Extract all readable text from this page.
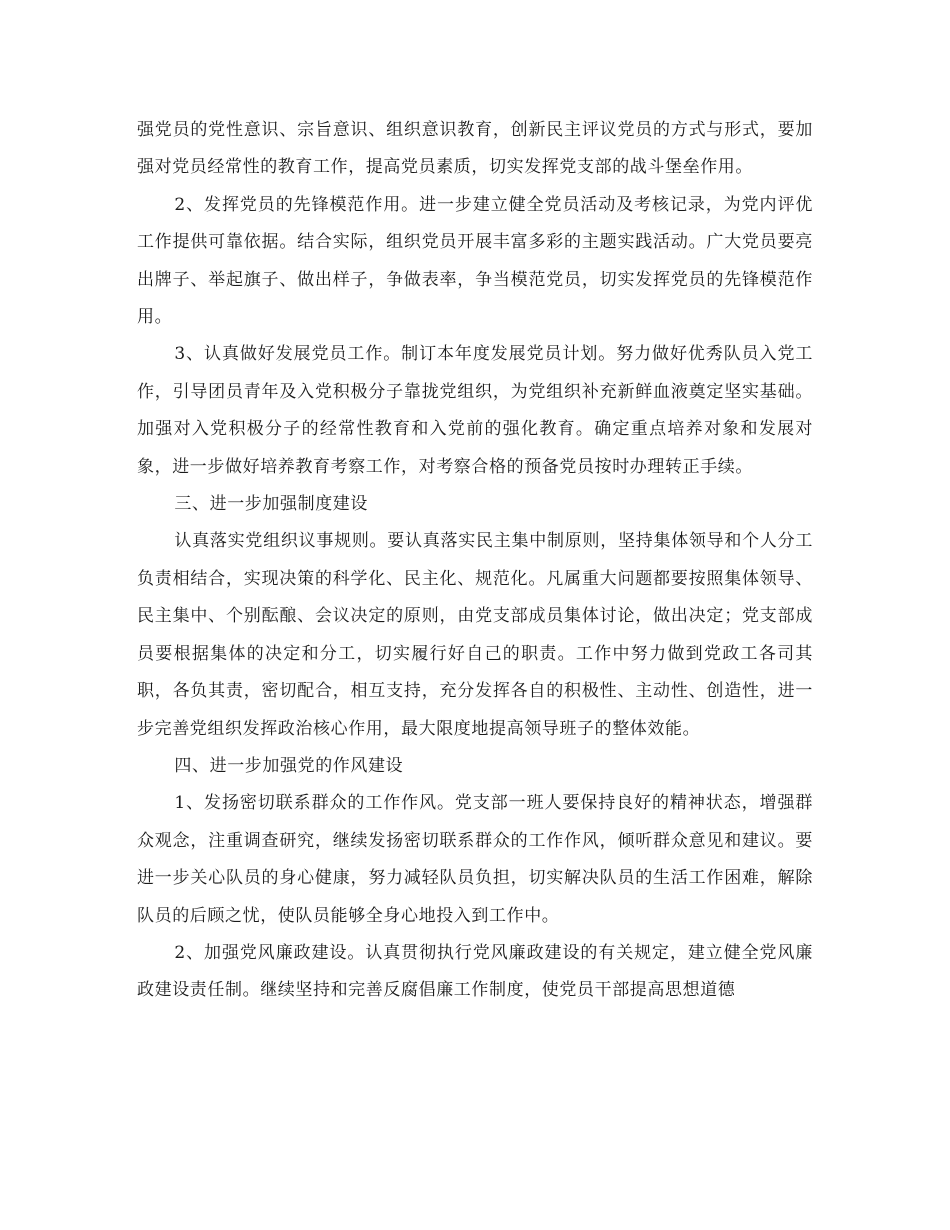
强党员的党性意识、宗旨意识、组织意识教育，创新民主评议党员的方式与形式，要加强对党员经常性的教育工作，提高党员素质，切实发挥党支部的战斗堡垒作用。

2、发挥党员的先锋模范作用。进一步建立健全党员活动及考核记录，为党内评优工作提供可靠依据。结合实际，组织党员开展丰富多彩的主题实践活动。广大党员要亮出牌子、举起旗子、做出样子，争做表率，争当模范党员，切实发挥党员的先锋模范作用。

3、认真做好发展党员工作。制订本年度发展党员计划。努力做好优秀队员入党工作，引导团员青年及入党积极分子靠拢党组织，为党组织补充新鲜血液奠定坚实基础。加强对入党积极分子的经常性教育和入党前的强化教育。确定重点培养对象和发展对象，进一步做好培养教育考察工作，对考察合格的预备党员按时办理转正手续。

三、进一步加强制度建设

认真落实党组织议事规则。要认真落实民主集中制原则，坚持集体领导和个人分工负责相结合，实现决策的科学化、民主化、规范化。凡属重大问题都要按照集体领导、民主集中、个别酝酿、会议决定的原则，由党支部成员集体讨论，做出决定；党支部成员要根据集体的决定和分工，切实履行好自己的职责。工作中努力做到党政工各司其职，各负其责，密切配合，相互支持，充分发挥各自的积极性、主动性、创造性，进一步完善党组织发挥政治核心作用，最大限度地提高领导班子的整体效能。

四、进一步加强党的作风建设

1、发扬密切联系群众的工作作风。党支部一班人要保持良好的精神状态，增强群众观念，注重调查研究，继续发扬密切联系群众的工作作风，倾听群众意见和建议。要进一步关心队员的身心健康，努力减轻队员负担，切实解决队员的生活工作困难，解除队员的后顾之忧，使队员能够全身心地投入到工作中。

2、加强党风廉政建设。认真贯彻执行党风廉政建设的有关规定，建立健全党风廉政建设责任制。继续坚持和完善反腐倡廉工作制度，使党员干部提高思想道德
